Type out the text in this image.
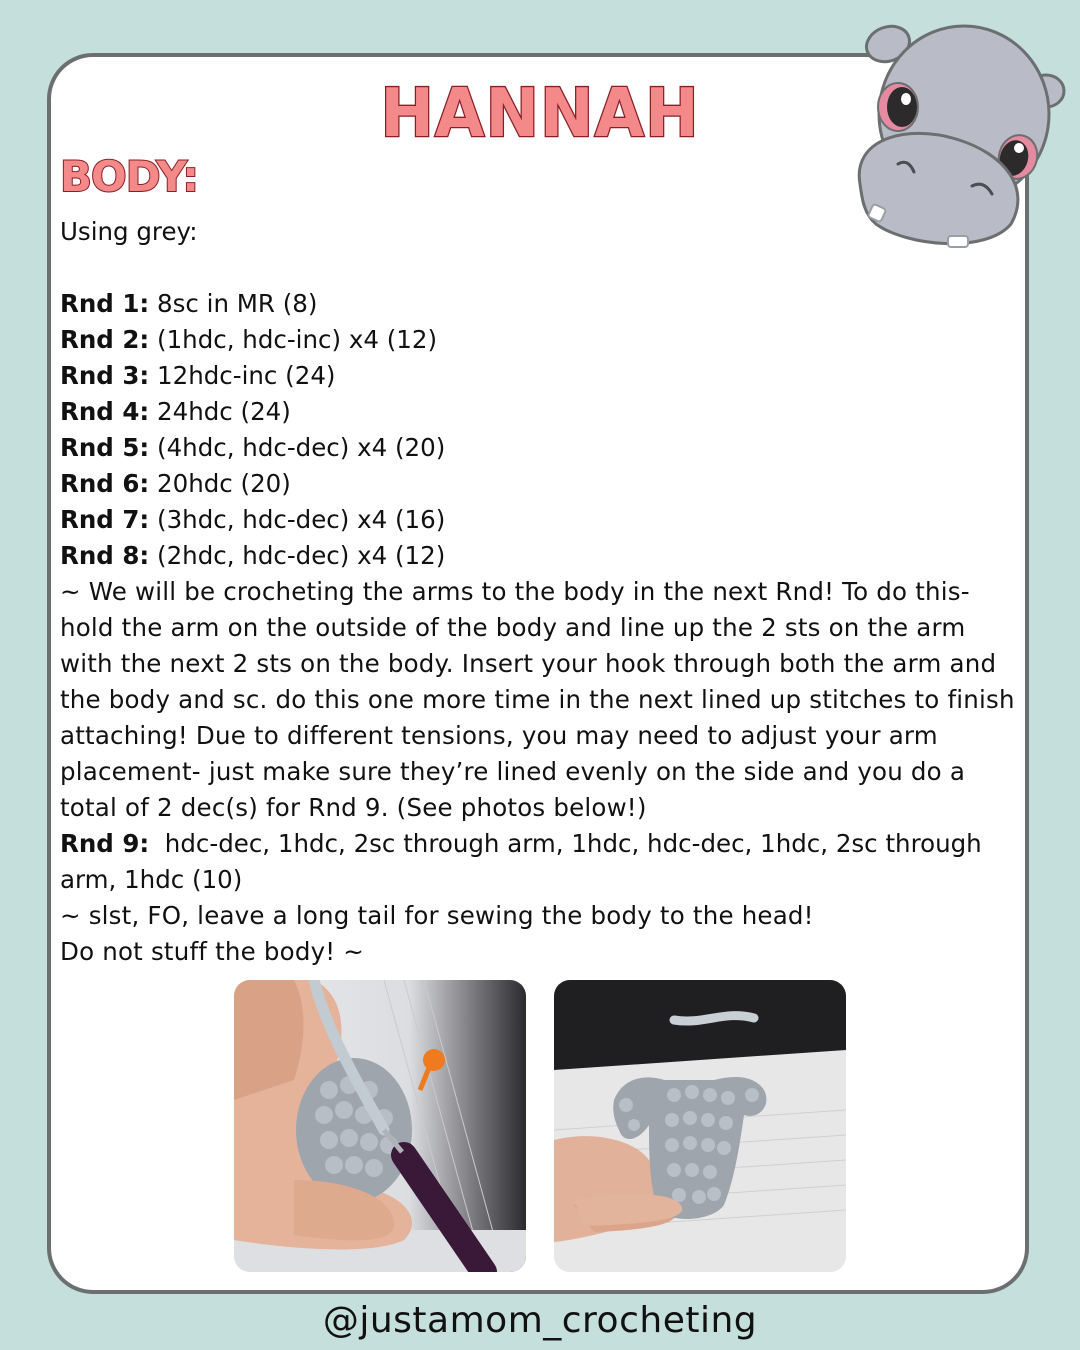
HANNAH
BODY:

Using grey:

Rnd 1: 8sc in MR (8)

Rnd 2: (1hdc, hdc-inc) x4 (12)

Rnd 3: 12hdc-inc (24)

Rnd 4: 24hdc (24)

Rnd 5: (4hdc, hdc-dec) x4 (20)

Rnd 6: 20hdc (20)

Rnd 7: (3hdc, hdc-dec) x4 (16)

Rnd 8: (2hdc, hdc-dec) x4 (12)

~ We will be crocheting the arms to the body in the next Rnd! To do this- hold the arm on the outside of the body and line up the 2 sts on the arm with the next 2 sts on the body. Insert your hook through both the arm and the body and sc. do this one more time in the next lined up stitches to finish attaching! Due to different tensions, you may need to adjust your arm placement- just make sure they’re lined evenly on the side and you do a total of 2 dec(s) for Rnd 9. (See photos below!)

Rnd 9:  hdc-dec, 1hdc, 2sc through arm, 1hdc, hdc-dec, 1hdc, 2sc through arm, 1hdc (10)

~ slst, FO, leave a long tail for sewing the body to the head!

Do not stuff the body! ~

@justamom_crocheting
